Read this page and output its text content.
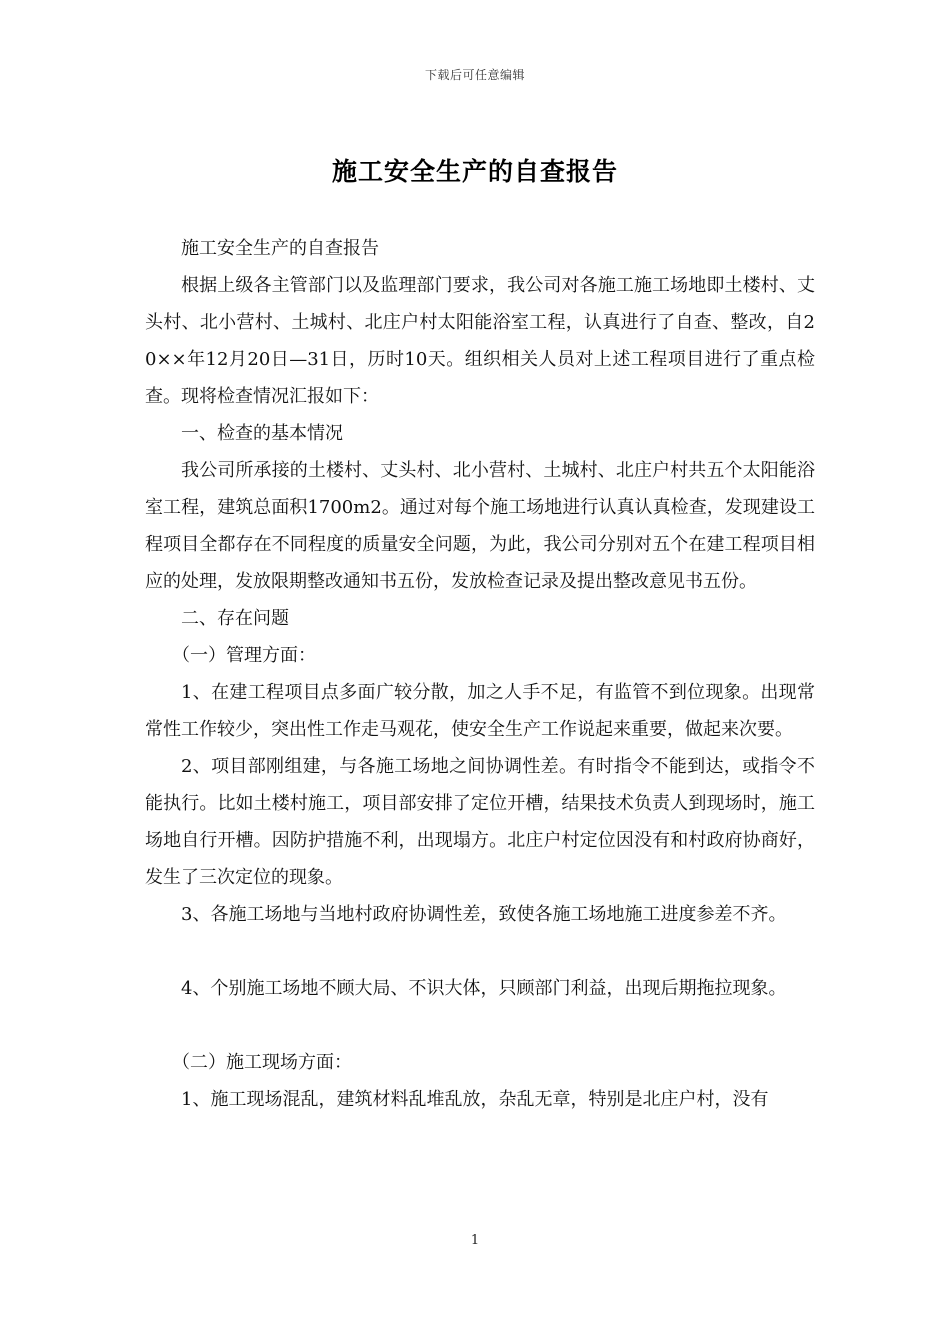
下载后可任意编辑
施工安全生产的自查报告

施工安全生产的自查报告

根据上级各主管部门以及监理部门要求，我公司对各施工施工场地即土楼村、丈头村、北小营村、土城村、北庄户村太阳能浴室工程，认真进行了自查、整改，自20××年12月20日—31日，历时10天。组织相关人员对上述工程项目进行了重点检查。现将检查情况汇报如下：

一、检查的基本情况

我公司所承接的土楼村、丈头村、北小营村、土城村、北庄户村共五个太阳能浴室工程，建筑总面积1700m2。通过对每个施工场地进行认真认真检查，发现建设工程项目全都存在不同程度的质量安全问题，为此，我公司分别对五个在建工程项目相应的处理，发放限期整改通知书五份，发放检查记录及提出整改意见书五份。

二、存在问题

（一）管理方面：

1、在建工程项目点多面广较分散，加之人手不足，有监管不到位现象。出现常常性工作较少，突出性工作走马观花，使安全生产工作说起来重要，做起来次要。

2、项目部刚组建，与各施工场地之间协调性差。有时指令不能到达，或指令不能执行。比如土楼村施工，项目部安排了定位开槽，结果技术负责人到现场时，施工场地自行开槽。因防护措施不利，出现塌方。北庄户村定位因没有和村政府协商好，发生了三次定位的现象。

3、各施工场地与当地村政府协调性差，致使各施工场地施工进度参差不齐。

4、个别施工场地不顾大局、不识大体，只顾部门利益，出现后期拖拉现象。

（二）施工现场方面：

1、施工现场混乱，建筑材料乱堆乱放，杂乱无章，特别是北庄户村，没有

1
